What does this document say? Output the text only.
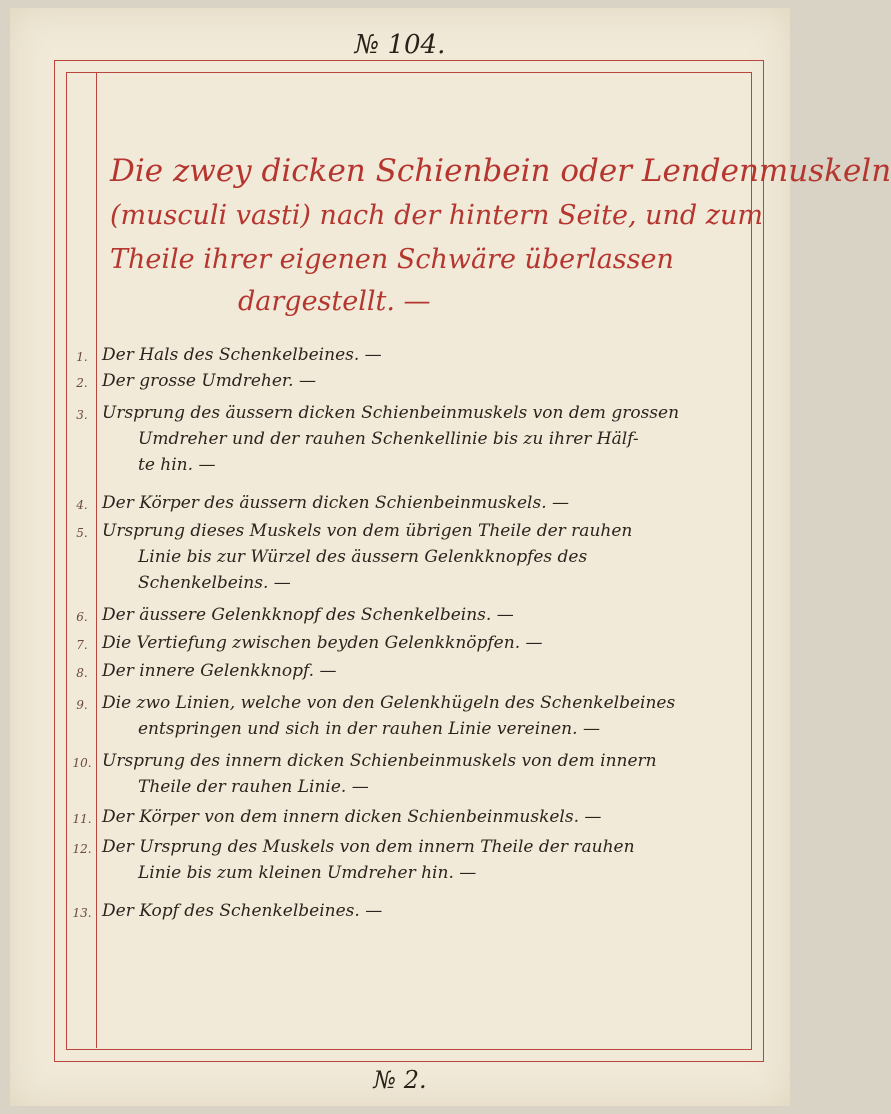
№ 104.
Die zwey dicken Schienbein oder Lendenmuskeln
(musculi vasti) nach der hintern Seite, und zum
Theile ihrer eigenen Schwäre überlassen
dargestellt. —
1. Der Hals des Schenkelbeines. —
2. Der grosse Umdreher. —
3. Ursprung des äussern dicken Schienbeinmuskels von dem grossen
Umdreher und der rauhen Schenkellinie bis zu ihrer Hälf-
te hin. —
4. Der Körper des äussern dicken Schienbeinmuskels. —
5. Ursprung dieses Muskels von dem übrigen Theile der rauhen
Linie bis zur Würzel des äussern Gelenkknopfes des
Schenkelbeins. —
6. Der äussere Gelenkknopf des Schenkelbeins. —
7. Die Vertiefung zwischen beyden Gelenkknöpfen. —
8. Der innere Gelenkknopf. —
9. Die zwo Linien, welche von den Gelenkhügeln des Schenkelbeines
entspringen und sich in der rauhen Linie vereinen. —
10. Ursprung des innern dicken Schienbeinmuskels von dem innern
Theile der rauhen Linie. —
11. Der Körper von dem innern dicken Schienbeinmuskels. —
12. Der Ursprung des Muskels von dem innern Theile der rauhen
Linie bis zum kleinen Umdreher hin. —
13. Der Kopf des Schenkelbeines. —
№ 2.
